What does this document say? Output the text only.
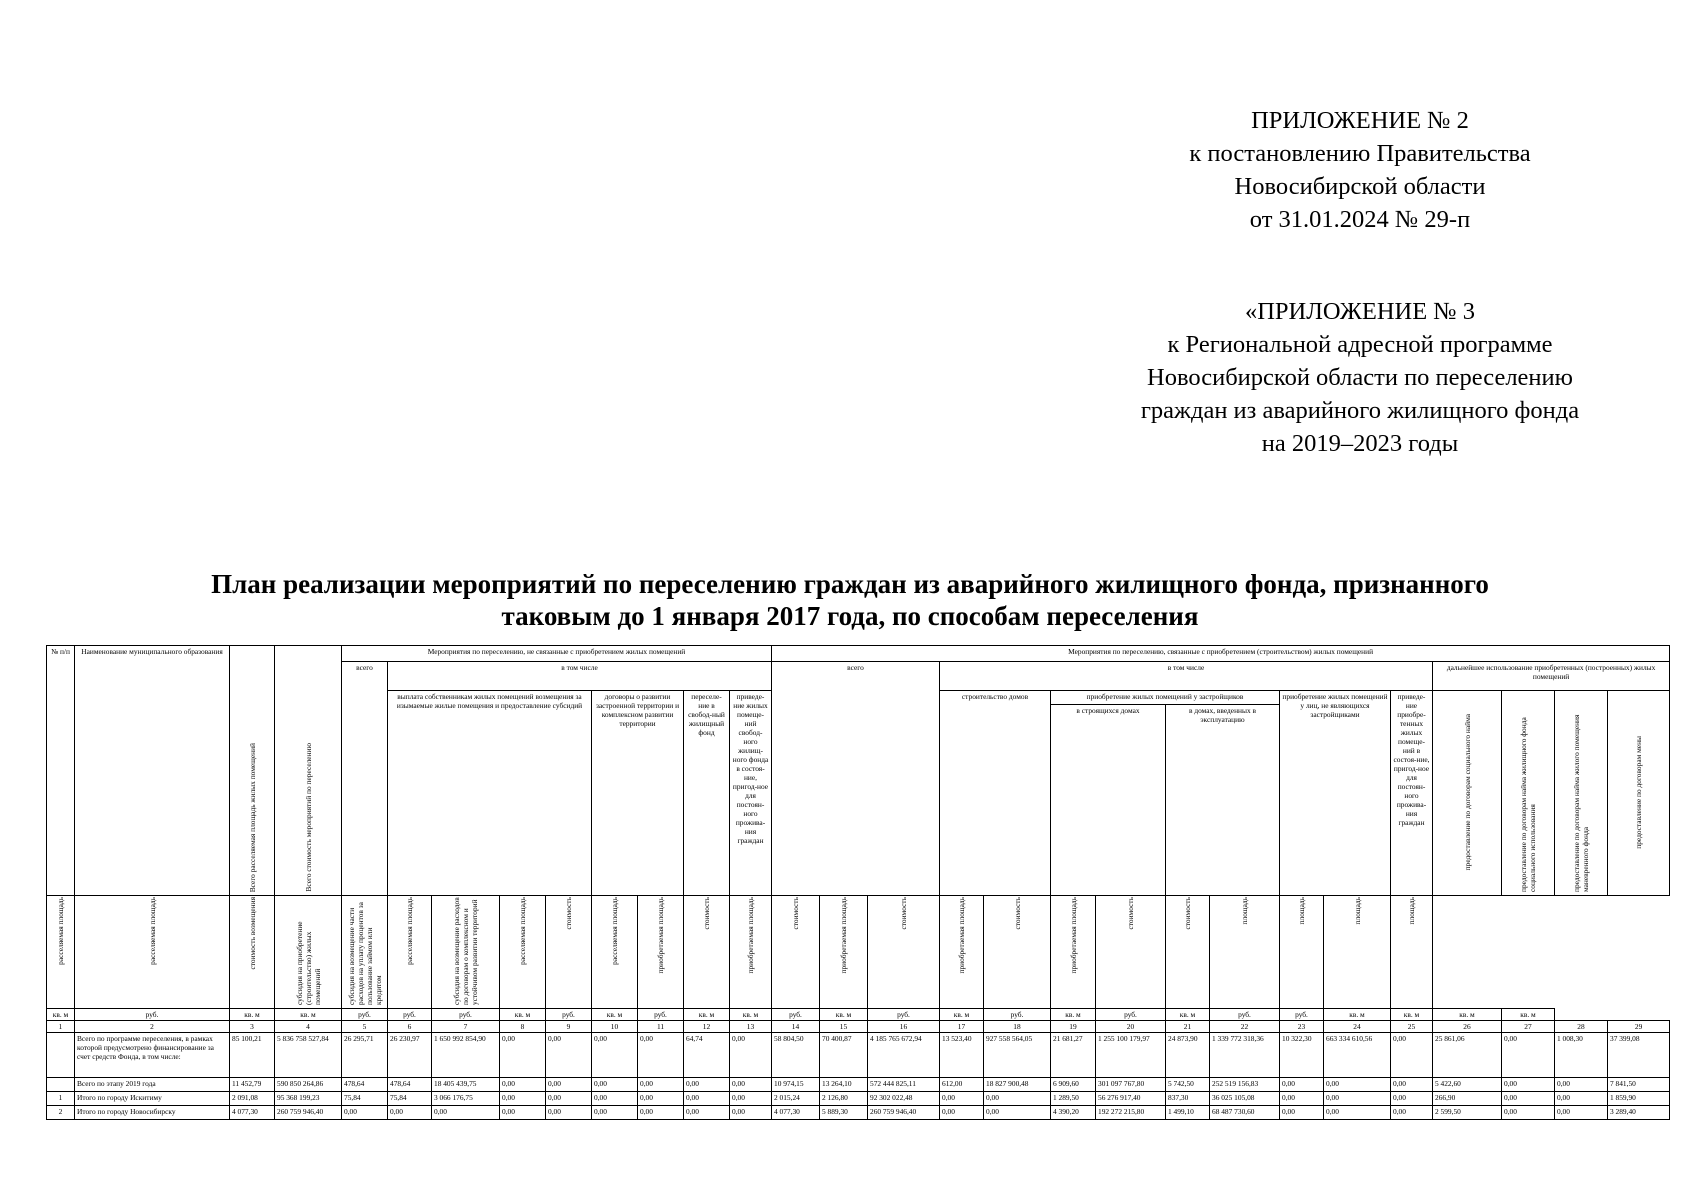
ПРИЛОЖЕНИЕ № 2
к постановлению Правительства
Новосибирской области
от 31.01.2024 № 29-п
«ПРИЛОЖЕНИЕ № 3
к Региональной адресной программе
Новосибирской области по переселению
граждан из аварийного жилищного фонда
на 2019–2023 годы
План реализации мероприятий по переселению граждан из аварийного жилищного фонда, признанного
таковым до 1 января 2017 года, по способам переселения
№ п/п	Наименование муниципального образования	Всего расселяемая площадь жилых помещений	Всего стоимость мероприятий по переселению	Мероприятия по переселению, не связанные с приобретением жилых помещений									Мероприятия по переселению, связанные с приобретением (строительством) жилых помещений															
				всего	в том числе								всего			в том числе									дальнейшее использование приобретенных (построенных) жилых помещений			
					выплата собственникам жилых помещений возмещения за изымаемые жилые помещения и предоставление субсидий				договоры о развитии застроенной территории и комплексном развитии территории		переселе-ние в свобод-ный жилищный фонд	приведе-ние жилых помеще-ний свобод-ного жилищ-ного фонда в состоя-ние, пригод-ное для постоян-ного прожива-ния граждан				строительство домов		приобретение жилых помещений у застройщиков				приобретение жилых помещений у лиц, не являющихся застройщиками		приведе-ние приобре-тенных жилых помеще-ний в состоя-ние, пригод-ное для постоян-ного прожива-ния граждан	предоставление по договорам социального найма	предоставление по договорам найма жилищного фонда социального использования	предоставление по договорам найма жилого помещения маневренного фонда	предоставление по договорам мены
																		в строящихся домах		в домах, введенных в эксплуатацию								
расселяемая площадь	расселяемая площадь	стоимость возмещения	субсидия на приобретение (строительство) жилых помещений	субсидия на возмещение части расходов на уплату процентов за пользование займом или кредитом	расселяемая площадь	субсидия на возмещение расходов по договорам о комплексном и устойчивом развитии территорий	расселяемая площадь	стоимость	расселяемая площадь	приобретаемая площадь	стоимость	приобретаемая площадь	стоимость	приобретаемая площадь	стоимость	приобретаемая площадь	стоимость	приобретаемая площадь	стоимость	стоимость	площадь	площадь	площадь	площадь				
кв. м	руб.	кв. м	кв. м	руб.	руб.	руб.	кв. м	руб.	кв. м	руб.	кв. м	кв. м	руб.	кв. м	руб.	кв. м	руб.	кв. м	руб.	кв. м	руб.	руб.	кв. м	кв. м	кв. м	кв. м		
1	2	3	4	5	6	7	8	9	10	11	12	13	14	15	16	17	18	19	20	21	22	23	24	25	26	27	28	29
	Всего по программе переселения, в рамках которой предусмотрено финансирование за счет средств Фонда, в том числе:	85 100,21	5 836 758 527,84	26 295,71	26 230,97	1 650 992 854,90	0,00	0,00	0,00	0,00	64,74	0,00	58 804,50	70 400,87	4 185 765 672,94	13 523,40	927 558 564,05	21 681,27	1 255 100 179,97	24 873,90	1 339 772 318,36	10 322,30	663 334 610,56	0,00	25 861,06	0,00	1 008,30	37 399,08
	Всего по этапу 2019 года	11 452,79	590 850 264,86	478,64	478,64	18 405 439,75	0,00	0,00	0,00	0,00	0,00	0,00	10 974,15	13 264,10	572 444 825,11	612,00	18 827 900,48	6 909,60	301 097 767,80	5 742,50	252 519 156,83	0,00	0,00	0,00	5 422,60	0,00	0,00	7 841,50
1	Итого по городу Искитиму	2 091,08	95 368 199,23	75,84	75,84	3 066 176,75	0,00	0,00	0,00	0,00	0,00	0,00	2 015,24	2 126,80	92 302 022,48	0,00	0,00	1 289,50	56 276 917,40	837,30	36 025 105,08	0,00	0,00	0,00	266,90	0,00	0,00	1 859,90
2	Итого по городу Новосибирску	4 077,30	260 759 946,40	0,00	0,00	0,00	0,00	0,00	0,00	0,00	0,00	0,00	4 077,30	5 889,30	260 759 946,40	0,00	0,00	4 390,20	192 272 215,80	1 499,10	68 487 730,60	0,00	0,00	0,00	2 599,50	0,00	0,00	3 289,40
